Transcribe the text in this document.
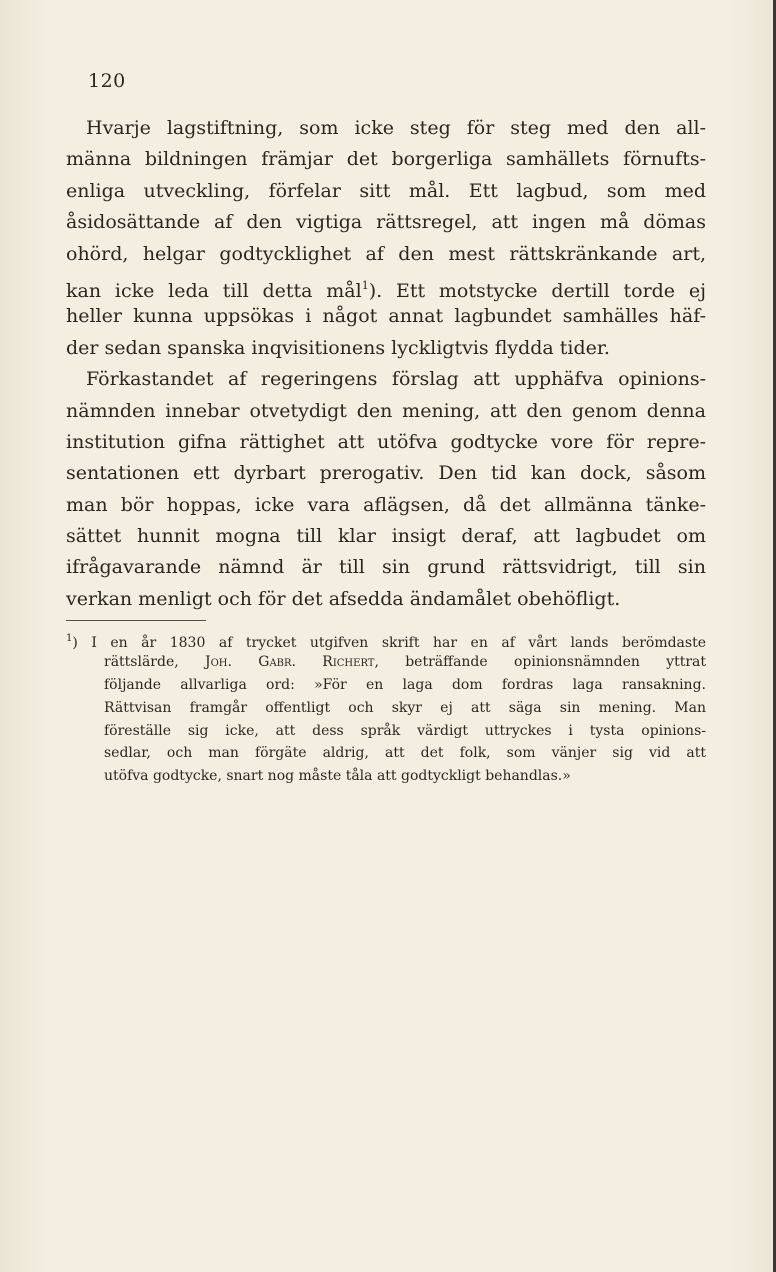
120
Hvarje lagstiftning, som icke steg för steg med den all-
männa bildningen främjar det borgerliga samhällets förnufts-
enliga utveckling, förfelar sitt mål. Ett lagbud, som med
åsidosättande af den vigtiga rättsregel, att ingen må dömas
ohörd, helgar godtycklighet af den mest rättskränkande art,
kan icke leda till detta mål$^1$). Ett motstycke dertill torde ej
heller kunna uppsökas i något annat lagbundet samhälles häf-
der sedan spanska inqvisitionens lyckligtvis flydda tider.
Förkastandet af regeringens förslag att upphäfva opinions-
nämnden innebar otvetydigt den mening, att den genom denna
institution gifna rättighet att utöfva godtycke vore för repre-
sentationen ett dyrbart prerogativ. Den tid kan dock, såsom
man bör hoppas, icke vara aflägsen, då det allmänna tänke-
sättet hunnit mogna till klar insigt deraf, att lagbudet om
ifrågavarande nämnd är till sin grund rättsvidrigt, till sin
verkan menligt och för det afsedda ändamålet obehöfligt.
$^1$) I en år 1830 af trycket utgifven skrift har en af vårt lands berömdaste
rättslärde, Joh. Gabr. Richert, beträffande opinionsnämnden yttrat
följande allvarliga ord: »För en laga dom fordras laga ransakning.
Rättvisan framgår offentligt och skyr ej att säga sin mening. Man
föreställe sig icke, att dess språk värdigt uttryckes i tysta opinions-
sedlar, och man förgäte aldrig, att det folk, som vänjer sig vid att
utöfva godtycke, snart nog måste tåla att godtyckligt behandlas.»
